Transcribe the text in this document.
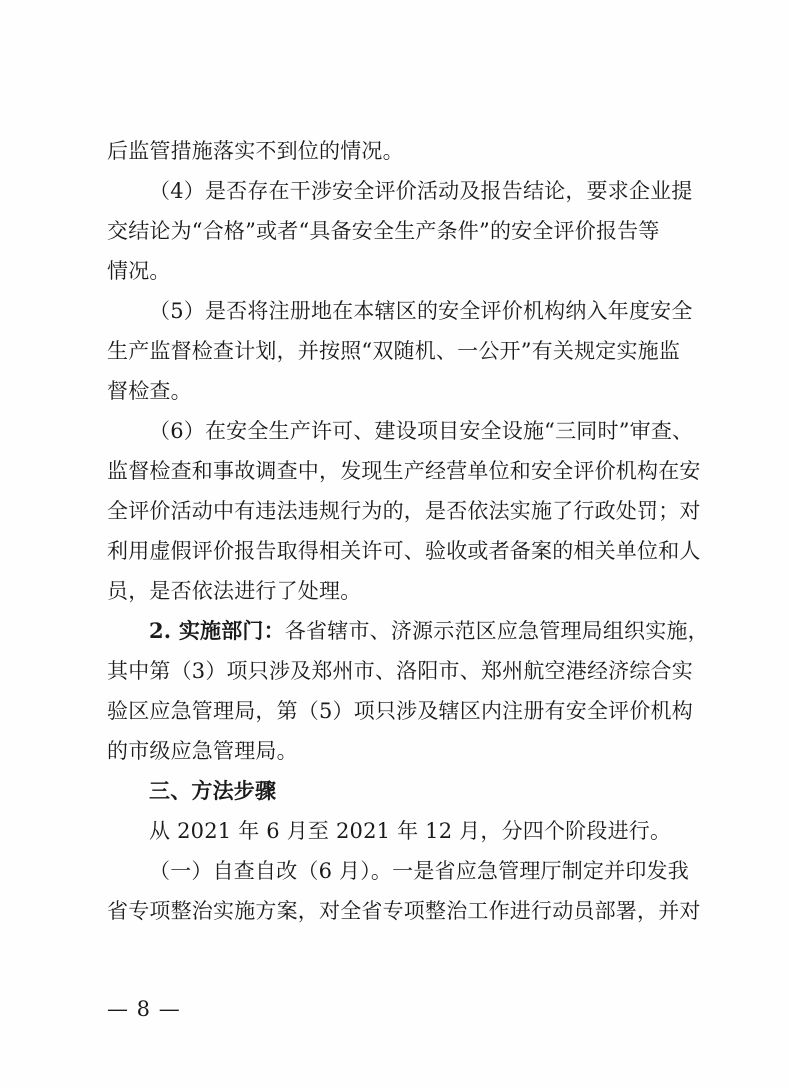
后监管措施落实不到位的情况。
（4）是否存在干涉安全评价活动及报告结论，要求企业提
交结论为“合格”或者“具备安全生产条件”的安全评价报告等
情况。
（5）是否将注册地在本辖区的安全评价机构纳入年度安全
生产监督检查计划，并按照“双随机、一公开”有关规定实施监
督检查。
（6）在安全生产许可、建设项目安全设施“三同时”审查、
监督检查和事故调查中，发现生产经营单位和安全评价机构在安
全评价活动中有违法违规行为的，是否依法实施了行政处罚；对
利用虚假评价报告取得相关许可、验收或者备案的相关单位和人
员，是否依法进行了处理。
2. 实施部门：各省辖市、济源示范区应急管理局组织实施，
其中第（3）项只涉及郑州市、洛阳市、郑州航空港经济综合实
验区应急管理局，第（5）项只涉及辖区内注册有安全评价机构
的市级应急管理局。
三、方法步骤
从 2021 年 6 月至 2021 年 12 月，分四个阶段进行。
（一）自查自改（6 月）。一是省应急管理厅制定并印发我
省专项整治实施方案，对全省专项整治工作进行动员部署，并对
— 8 —
